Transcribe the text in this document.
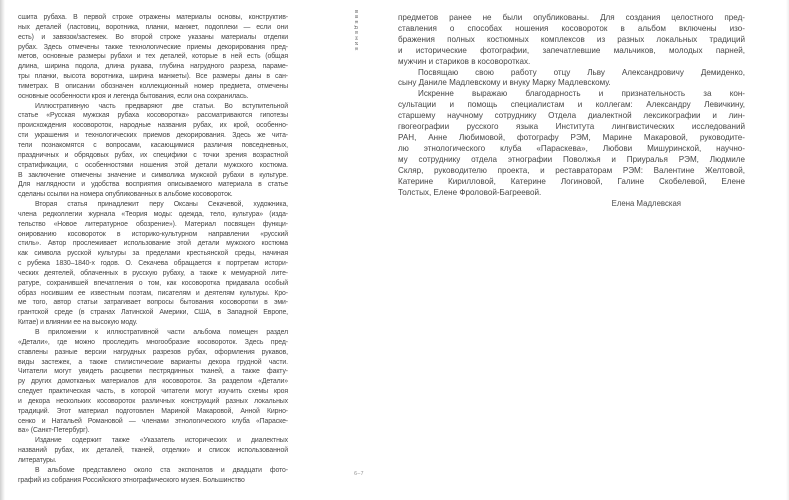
сшита рубаха. В первой строке отражены материалы основы, конструктив-
ных деталей (ластовиц, воротника, планки, манжет, подоплеки — если они
есть) и завязок/застежек. Во второй строке указаны материалы отделки
рубах. Здесь отмечены также технологические приемы декорирования пред-
метов, основные размеры рубахи и тех деталей, которые в ней есть (общая
длина, ширина подола, длина рукава, глубина нагрудного разреза, параме-
тры планки, высота воротника, ширина манжеты). Все размеры даны в сан-
тиметрах. В описании обозначен коллекционный номер предмета, отмечены
основные особенности кроя и легенда бытования, если она сохранилась.
Иллюстративную часть предваряют две статьи. Во вступительной
статье «Русская мужская рубаха косоворотка» рассматриваются гипотезы
происхождения косовороток, народные названия рубах, их крой, особенно-
сти украшения и технологических приемов декорирования. Здесь же чита-
тели познакомятся с вопросами, касающимися различия повседневных,
праздничных и обрядовых рубах, их специфики с точки зрения возрастной
стратификации, с особенностями ношения этой детали мужского костюма.
В заключение отмечены значение и символика мужской рубахи в культуре.
Для наглядности и удобства восприятия описываемого материала в статье
сделаны ссылки на номера опубликованных в альбоме косовороток.
Вторая статья принадлежит перу Оксаны Секачевой, художника,
члена редколлегии журнала «Теория моды: одежда, тело, культура» (изда-
тельство «Новое литературное обозрение»). Материал посвящен функци-
онированию косовороток в историко-культурном направлении «русский
стиль». Автор прослеживает использование этой детали мужского костюма
как символа русской культуры за пределами крестьянской среды, начиная
с рубежа 1830–1840-х годов. О. Секачева обращается к портретам истори-
ческих деятелей, облаченных в русскую рубаху, а также к мемуарной лите-
ратуре, сохранившей впечатления о том, как косоворотка придавала особый
образ носившим ее известным поэтам, писателям и деятелям культуры. Кро-
ме того, автор статьи затрагивает вопросы бытования косоворотки в эми-
грантской среде (в странах Латинской Америки, США, в Западной Европе,
Китае) и влиянии ее на высокую моду.
В приложении к иллюстративной части альбома помещен раздел
«Детали», где можно проследить многообразие косовороток. Здесь пред-
ставлены разные версии нагрудных разрезов рубах, оформления рукавов,
виды застежек, а также стилистические варианты декора грудной части.
Читатели могут увидеть расцветки пестрядинных тканей, а также факту-
ру других домотканых материалов для косовороток. За разделом «Детали»
следует практическая часть, в которой читатели могут изучить схемы кроя
и декора нескольких косовороток различных конструкций разных локальных
традиций. Этот материал подготовлен Мариной Макаровой, Анной Кирно-
сенко и Натальей Романовой — членами этнологического клуба «Параске-
ва» (Санкт-Петербург).
Издание содержит также «Указатель исторических и диалектных
названий рубах, их деталей, тканей, отделки» и список использованной
литературы.
В альбоме представлено около ста экспонатов и двадцати фото-
графий из собрания Российского этнографического музея. Большинство
ВВЕДЕНИЕ	предметов ранее не были опубликованы. Для создания целостного пред-
ставления о способах ношения косовороток в альбом включены изо-
бражения полных костюмных комплексов из разных локальных традиций
и исторические фотографии, запечатлевшие мальчиков, молодых парней,
мужчин и стариков в косоворотках.
Посвящаю свою работу отцу Льву Александровичу Демиденко,
сыну Даниле Мадлевскому и внуку Марку Мадлевскому.
Искренне выражаю благодарность и признательность за кон-
сультации и помощь специалистам и коллегам: Александру Левичкину,
старшему научному сотруднику Отдела диалектной лексикографии и лин-
гвогеографии русского языка Института лингвистических исследований
РАН, Анне Любимовой, фотографу РЭМ, Марине Макаровой, руководите-
лю этнологического клуба «Параскева», Любови Мишуринской, научно-
му сотруднику отдела этнографии Поволжья и Приуралья РЭМ, Людмиле
Скляр, руководителю проекта, и реставраторам РЭМ: Валентине Желтовой,
Катерине Кирилловой, Катерине Логиновой, Галине Скобелевой, Елене
Толстых, Елене Фроловой-Багреевой.
Елена Мадлевская
6–7
